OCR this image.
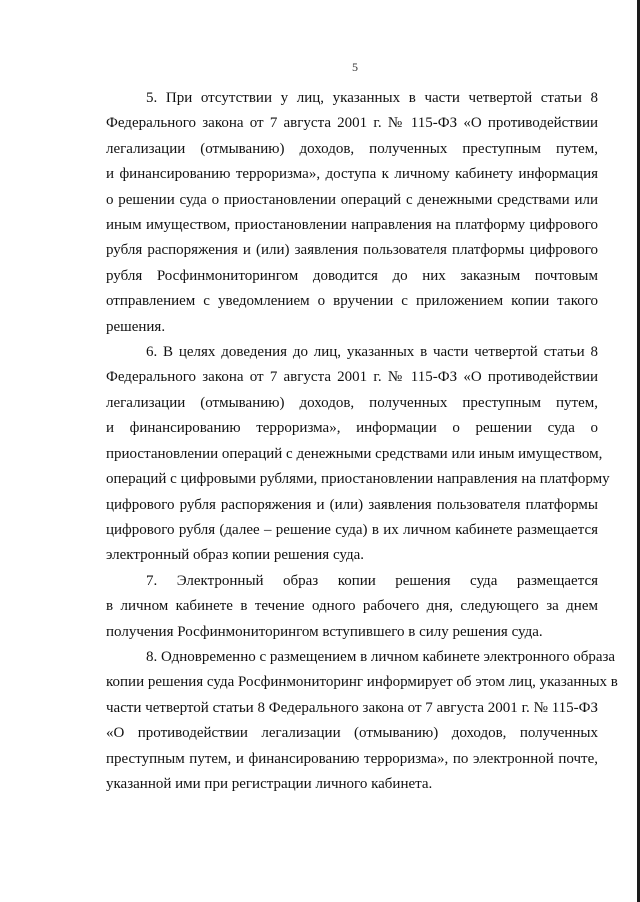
5

5. При отсутствии у лиц, указанных в части четвертой статьи 8
Федерального закона от 7 августа 2001 г. № 115-ФЗ «О противодействии
легализации (отмыванию) доходов, полученных преступным путем,
и финансированию терроризма», доступа к личному кабинету информация
о решении суда о приостановлении операций с денежными средствами или
иным имуществом, приостановлении направления на платформу цифрового
рубля распоряжения и (или) заявления пользователя платформы цифрового
рубля Росфинмониторингом доводится до них заказным почтовым
отправлением с уведомлением о вручении с приложением копии такого
решения.

6. В целях доведения до лиц, указанных в части четвертой статьи 8
Федерального закона от 7 августа 2001 г. № 115-ФЗ «О противодействии
легализации (отмыванию) доходов, полученных преступным путем,
и финансированию терроризма», информации о решении суда о
приостановлении операций с денежными средствами или иным имуществом,
операций с цифровыми рублями, приостановлении направления на платформу
цифрового рубля распоряжения и (или) заявления пользователя платформы
цифрового рубля (далее – решение суда) в их личном кабинете размещается
электронный образ копии решения суда.

7. Электронный образ копии решения суда размещается
в личном кабинете в течение одного рабочего дня, следующего за днем
получения Росфинмониторингом вступившего в силу решения суда.

8. Одновременно с размещением в личном кабинете электронного образа
копии решения суда Росфинмониторинг информирует об этом лиц, указанных в
части четвертой статьи 8 Федерального закона от 7 августа 2001 г. № 115-ФЗ
«О противодействии легализации (отмыванию) доходов, полученных
преступным путем, и финансированию терроризма», по электронной почте,
указанной ими при регистрации личного кабинета.
